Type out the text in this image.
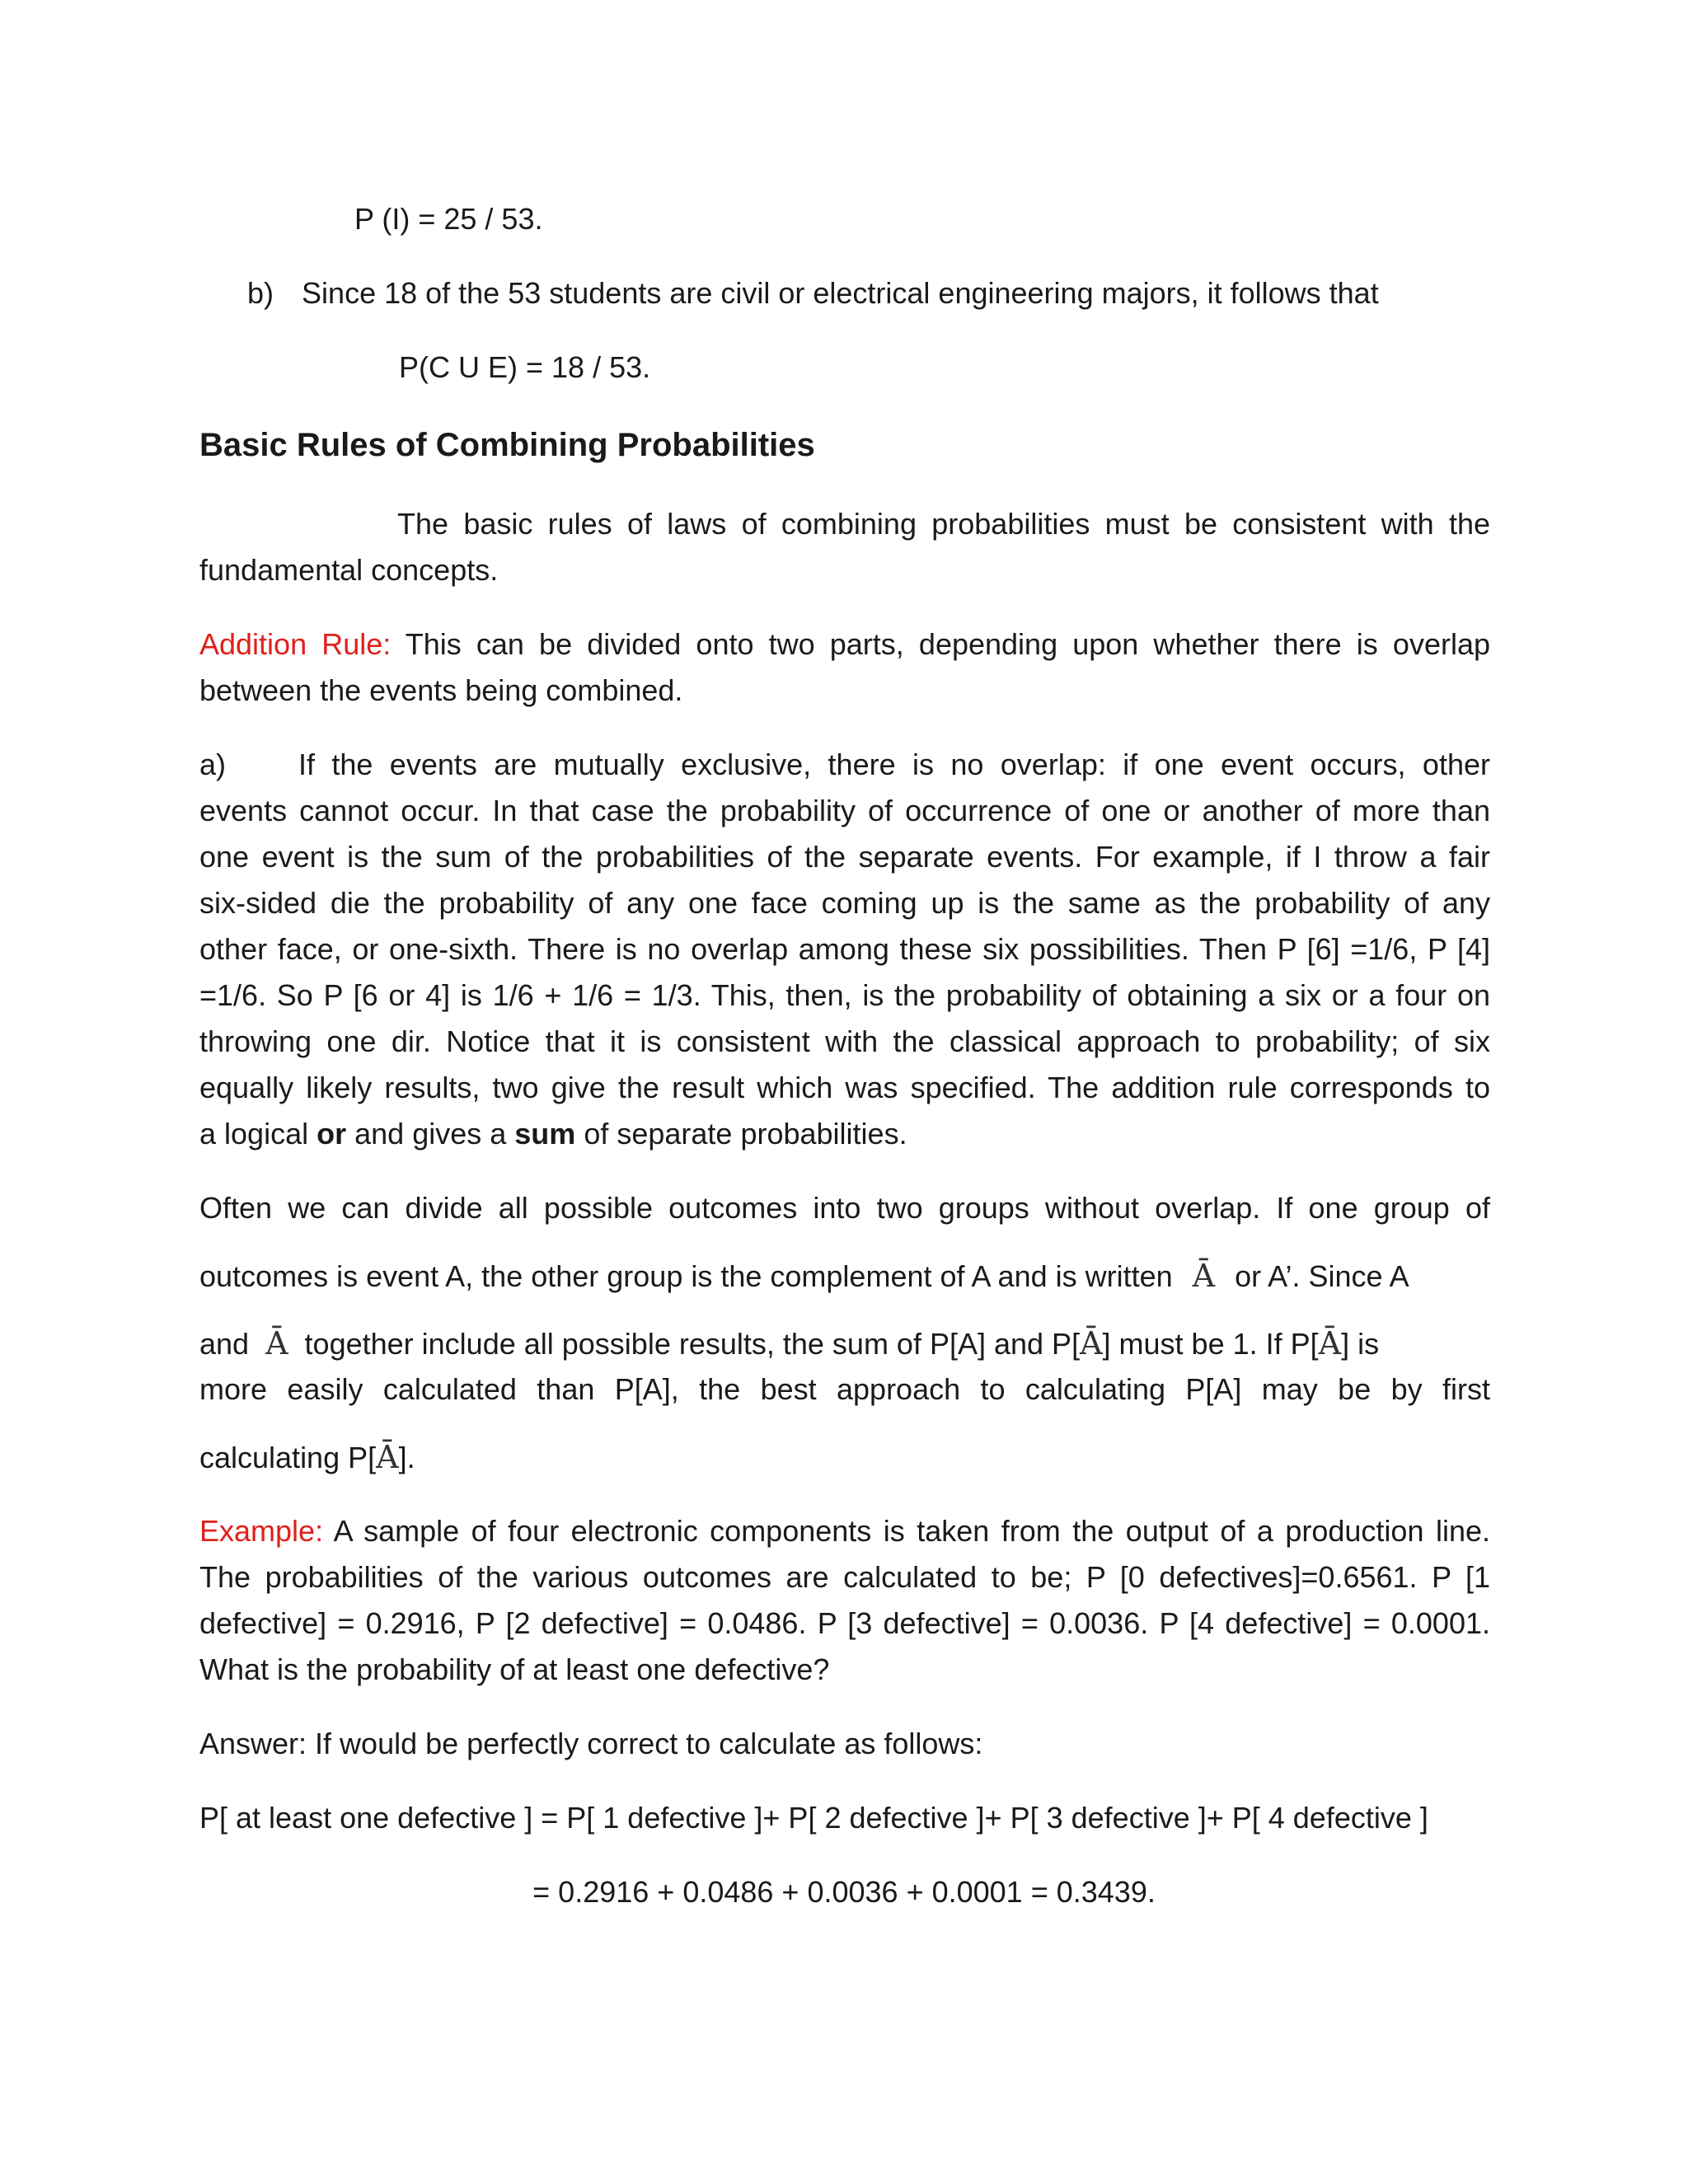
P (I) = 25 / 53.
b) Since 18 of the 53 students are civil or electrical engineering majors, it follows that
P(C U E) = 18 / 53.
Basic Rules of Combining Probabilities
The basic rules of laws of combining probabilities must be consistent with the
fundamental concepts.
Addition Rule: This can be divided onto two parts, depending upon whether there is overlap
between the events being combined.
a)	If the events are mutually exclusive, there is no overlap: if one event occurs, other
events cannot occur. In that case the probability of occurrence of one or another of more than
one event is the sum of the probabilities of the separate events. For example, if I throw a fair
six-sided die the probability of any one face coming up is the same as the probability of any
other face, or one-sixth. There is no overlap among these six possibilities. Then P [6] =1/6, P [4]
=1/6. So P [6 or 4] is 1/6 + 1/6 = 1/3. This, then, is the probability of obtaining a six or a four on
throwing one dir. Notice that it is consistent with the classical approach to probability; of six
equally likely results, two give the result which was specified. The addition rule corresponds to
a logical or and gives a sum of separate probabilities.
Often we can divide all possible outcomes into two groups without overlap. If one group of
outcomes is event A, the other group is the complement of A and is written Ā or A’. Since A
and Ā together include all possible results, the sum of P[A] and P[Ā] must be 1. If P[Ā] is
more easily calculated than P[A], the best approach to calculating P[A] may be by first
calculating P[Ā].
Example: A sample of four electronic components is taken from the output of a production line.
The probabilities of the various outcomes are calculated to be; P [0 defectives]=0.6561. P [1
defective] = 0.2916, P [2 defective] = 0.0486. P [3 defective] = 0.0036. P [4 defective] = 0.0001.
What is the probability of at least one defective?
Answer: If would be perfectly correct to calculate as follows:
P[ at least one defective ] = P[ 1 defective ]+ P[ 2 defective ]+ P[ 3 defective ]+ P[ 4 defective ]
= 0.2916 + 0.0486 + 0.0036 + 0.0001 = 0.3439.
